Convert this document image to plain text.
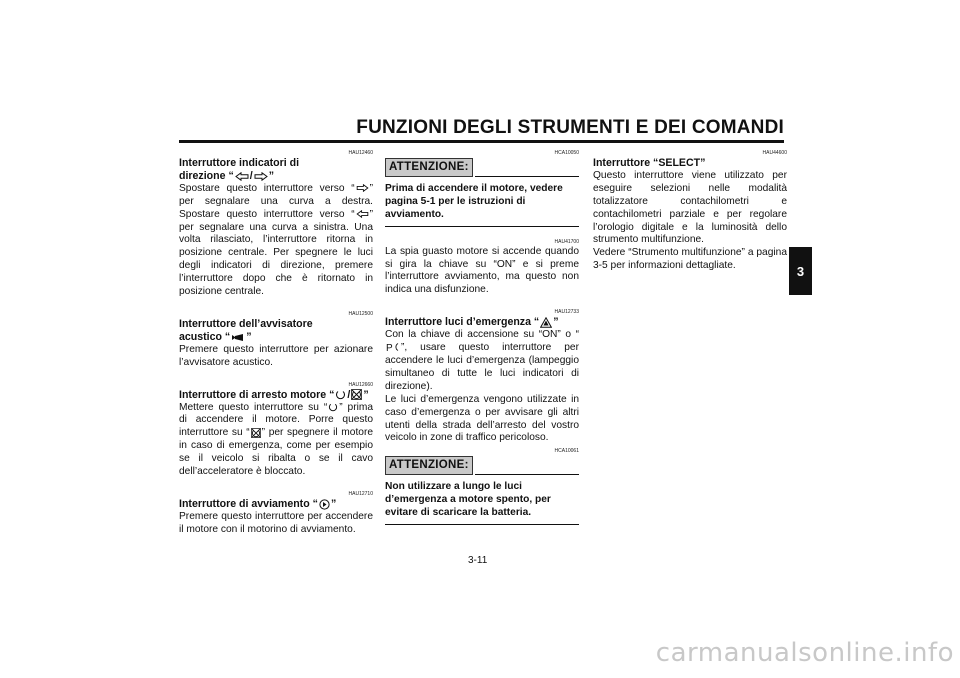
FUNZIONI DEGLI STRUMENTI E DEI COMANDI
3
HAU12460
Interruttore indicatori di
direzione “ / ”

Spostare questo interruttore verso “ ” per segnalare una curva a destra. Spostare questo interruttore verso “ ” per segnalare una curva a sinistra. Una volta rilasciato, l’interruttore ritorna in posizione centrale. Per spegnere le luci degli indicatori di direzione, premere l’interruttore dopo che è ritornato in posizione centrale.

HAU12500
Interruttore dell’avvisatore
acustico “ ”

Premere questo interruttore per azionare l’avvisatore acustico.

HAU12660
Interruttore di arresto motore “ / ”

Mettere questo interruttore su “ ” prima di accendere il motore. Porre questo interruttore su “ ” per spegnere il motore in caso di emergenza, come per esempio se il veicolo si ribalta o se il cavo dell’acceleratore è bloccato.

HAU12710
Interruttore di avviamento “ ”

Premere questo interruttore per accendere il motore con il motorino di avviamento.

HCA10050
ATTENZIONE:
Prima di accendere il motore, vedere pagina 5-1 per le istruzioni di avviamento.
HAU41700

La spia guasto motore si accende quando si gira la chiave su “ON” e si preme l’interruttore avviamento, ma questo non indica una disfunzione.

HAU12733
Interruttore luci d’emergenza “ ”

Con la chiave di accensione su “ON” o “
P ”, usare questo interruttore per accendere le luci d’emergenza (lampeggio simultaneo di tutte le luci indicatori di direzione).

Le luci d’emergenza vengono utilizzate in caso d’emergenza o per avvisare gli altri utenti della strada dell’arresto del vostro veicolo in zone di traffico pericoloso.

HCA10061
ATTENZIONE:
Non utilizzare a lungo le luci d’emergenza a motore spento, per evitare di scaricare la batteria.
HAU44600
Interruttore “SELECT”

Questo interruttore viene utilizzato per eseguire selezioni nelle modalità totalizzatore contachilometri e contachilometri parziale e per regolare l’orologio digitale e la luminosità dello strumento multifunzione.

Vedere “Strumento multifunzione” a pagina 3-5 per informazioni dettagliate.

3-11
carmanualsonline.info
